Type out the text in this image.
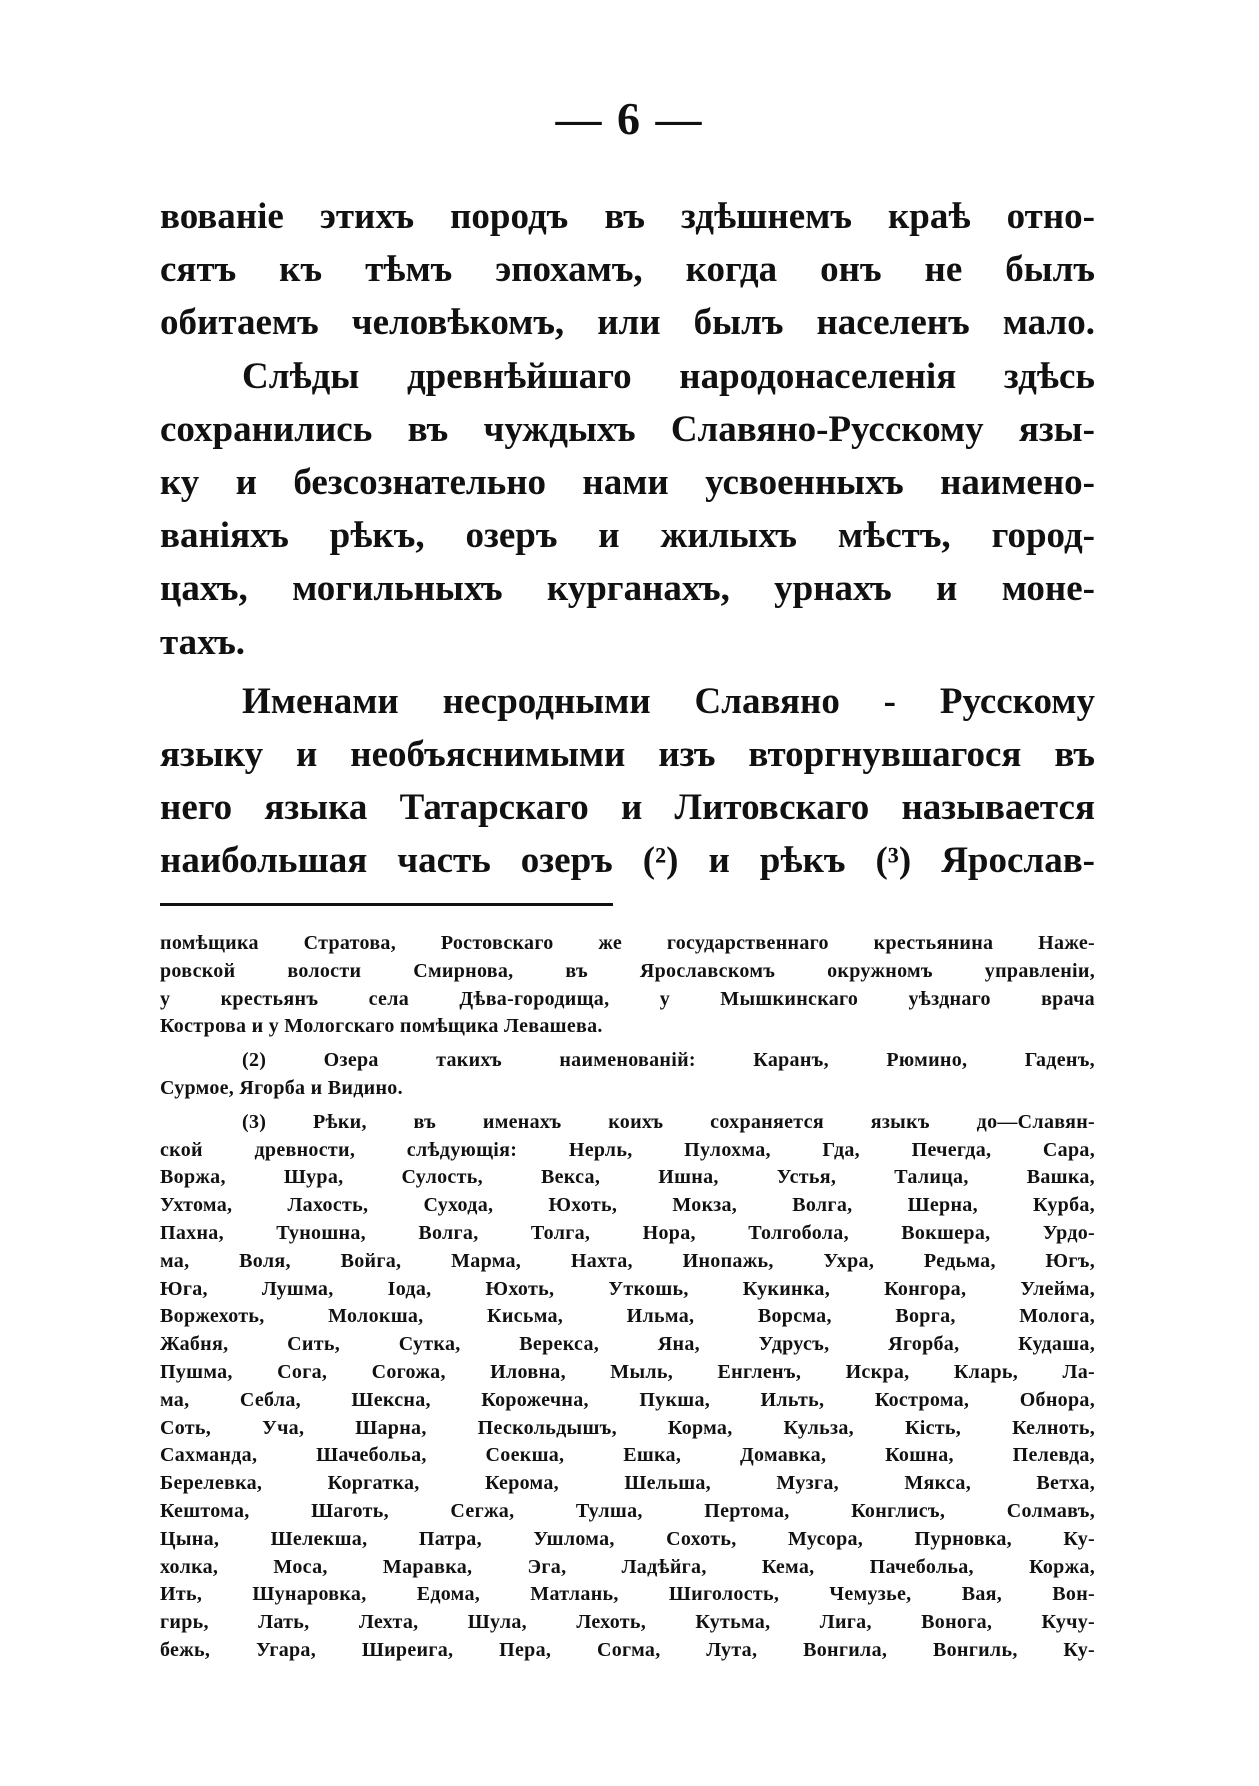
— 6 —
вованіе этихъ породъ въ здѣшнемъ краѣ отно-
сятъ къ тѣмъ эпохамъ, когда онъ не былъ
обитаемъ человѣкомъ, или былъ населенъ мало.
Слѣды древнѣйшаго народонаселенія здѣсь
сохранились въ чуждыхъ Славяно-Русскому язы-
ку и безсознательно нами усвоенныхъ наимено-
ваніяхъ рѣкъ, озеръ и жилыхъ мѣстъ, город-
цахъ, могильныхъ курганахъ, урнахъ и моне-
тахъ.
Именами несродными Славяно - Русскому
языку и необъяснимыми изъ вторгнувшагося въ
него языка Татарскаго и Литовскаго называется
наибольшая часть озеръ (²) и рѣкъ (³) Ярослав-
помѣщика Стратова, Ростовскаго же государственнаго крестьянина Наже-
ровской волости Смирнова, въ Ярославскомъ окружномъ управленіи,
у крестьянъ села Дѣва-городища, у Мышкинскаго уѣзднаго врача
Кострова и у Мологскаго помѣщика Левашева.
(2) Озера такихъ наименованій: Каранъ, Рюмино, Гаденъ,
Сурмое, Ягорба и Видино.
(3) Рѣки, въ именахъ коихъ сохраняется языкъ до—Славян-
ской древности, слѣдующія: Нерль, Пулохма, Гда, Печегда, Сара,
Воржа, Шура, Сулость, Векса, Ишна, Устья, Талица, Вашка,
Ухтома, Лахость, Сухода, Юхоть, Мокза, Волга, Шерна, Курба,
Пахна, Туношна, Волга, Толга, Нора, Толгобола, Вокшера, Урдо-
ма, Воля, Войга, Марма, Нахта, Инопажь, Ухра, Редьма, Югъ,
Юга, Лушма, Іода, Юхоть, Уткошь, Кукинка, Конгора, Улейма,
Воржехоть, Молокша, Кисьма, Ильма, Ворсма, Ворга, Молога,
Жабня, Сить, Сутка, Верекса, Яна, Удрусъ, Ягорба, Кудаша,
Пушма, Сога, Согожа, Иловна, Мыль, Енгленъ, Искра, Кларь, Ла-
ма, Себла, Шексна, Корожечна, Пукша, Ильть, Кострома, Обнора,
Соть, Уча, Шарна, Пескольдышъ, Корма, Кульза, Кість, Келноть,
Сахманда, Шачебольа, Соекша, Ешка, Домавка, Кошна, Пелевда,
Берелевка, Коргатка, Керома, Шельша, Музга, Мякса, Ветха,
Кештома, Шаготь, Сегжа, Тулша, Пертома, Конглисъ, Солмавъ,
Цына, Шелекша, Патра, Ушлома, Сохоть, Мусора, Пурновка, Ку-
холка, Моса, Маравка, Эга, Ладѣйга, Кема, Пачебольа, Коржа,
Ить, Шунаровка, Едома, Матлань, Шиголость, Чемузье, Вая, Вон-
гирь, Лать, Лехта, Шула, Лехоть, Кутьма, Лига, Вонога, Кучу-
бежь, Угара, Ширеига, Пера, Согма, Лута, Вонгила, Вонгиль, Ку-
